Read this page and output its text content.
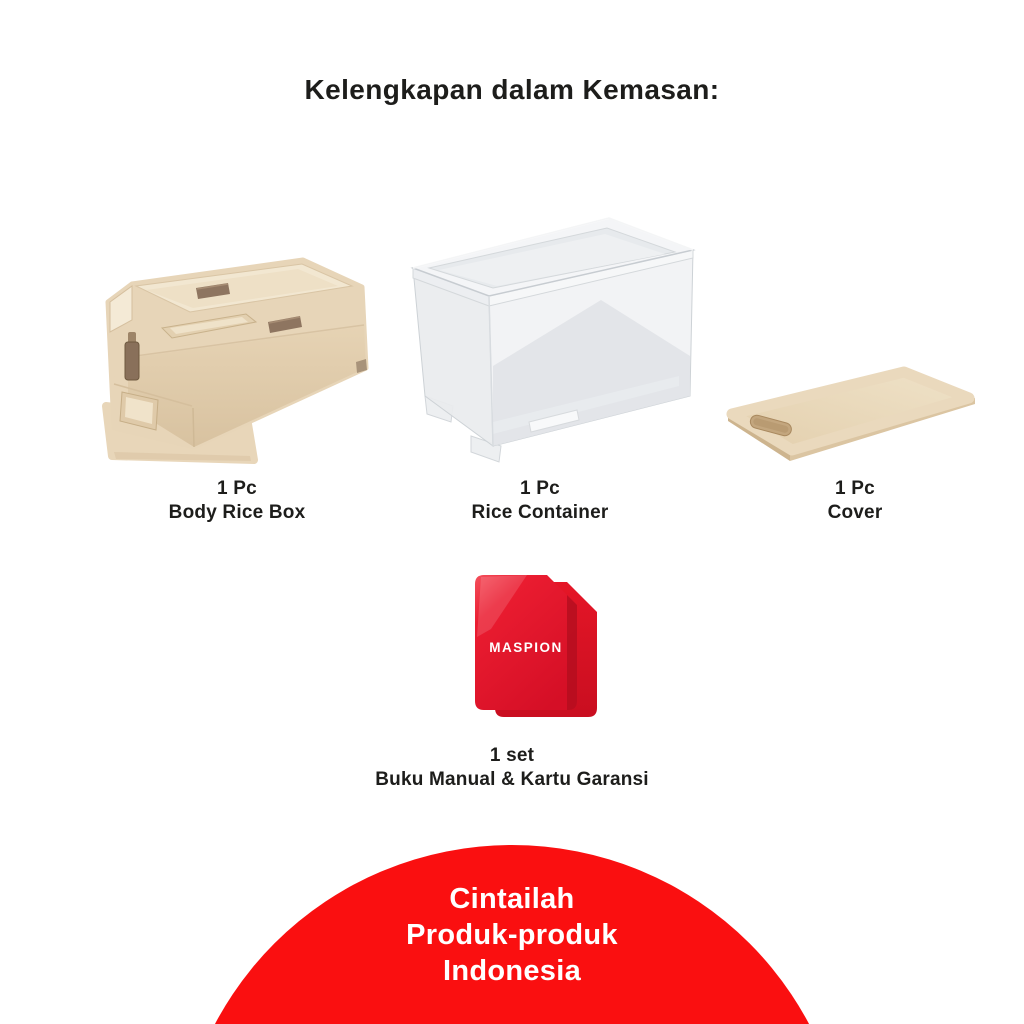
Kelengkapan dalam Kemasan:
MASPION
1 Pc
Body Rice Box
1 Pc
Rice Container
1 Pc
Cover
1 set
Buku Manual & Kartu Garansi
Cintailah
Produk-produk
Indonesia
